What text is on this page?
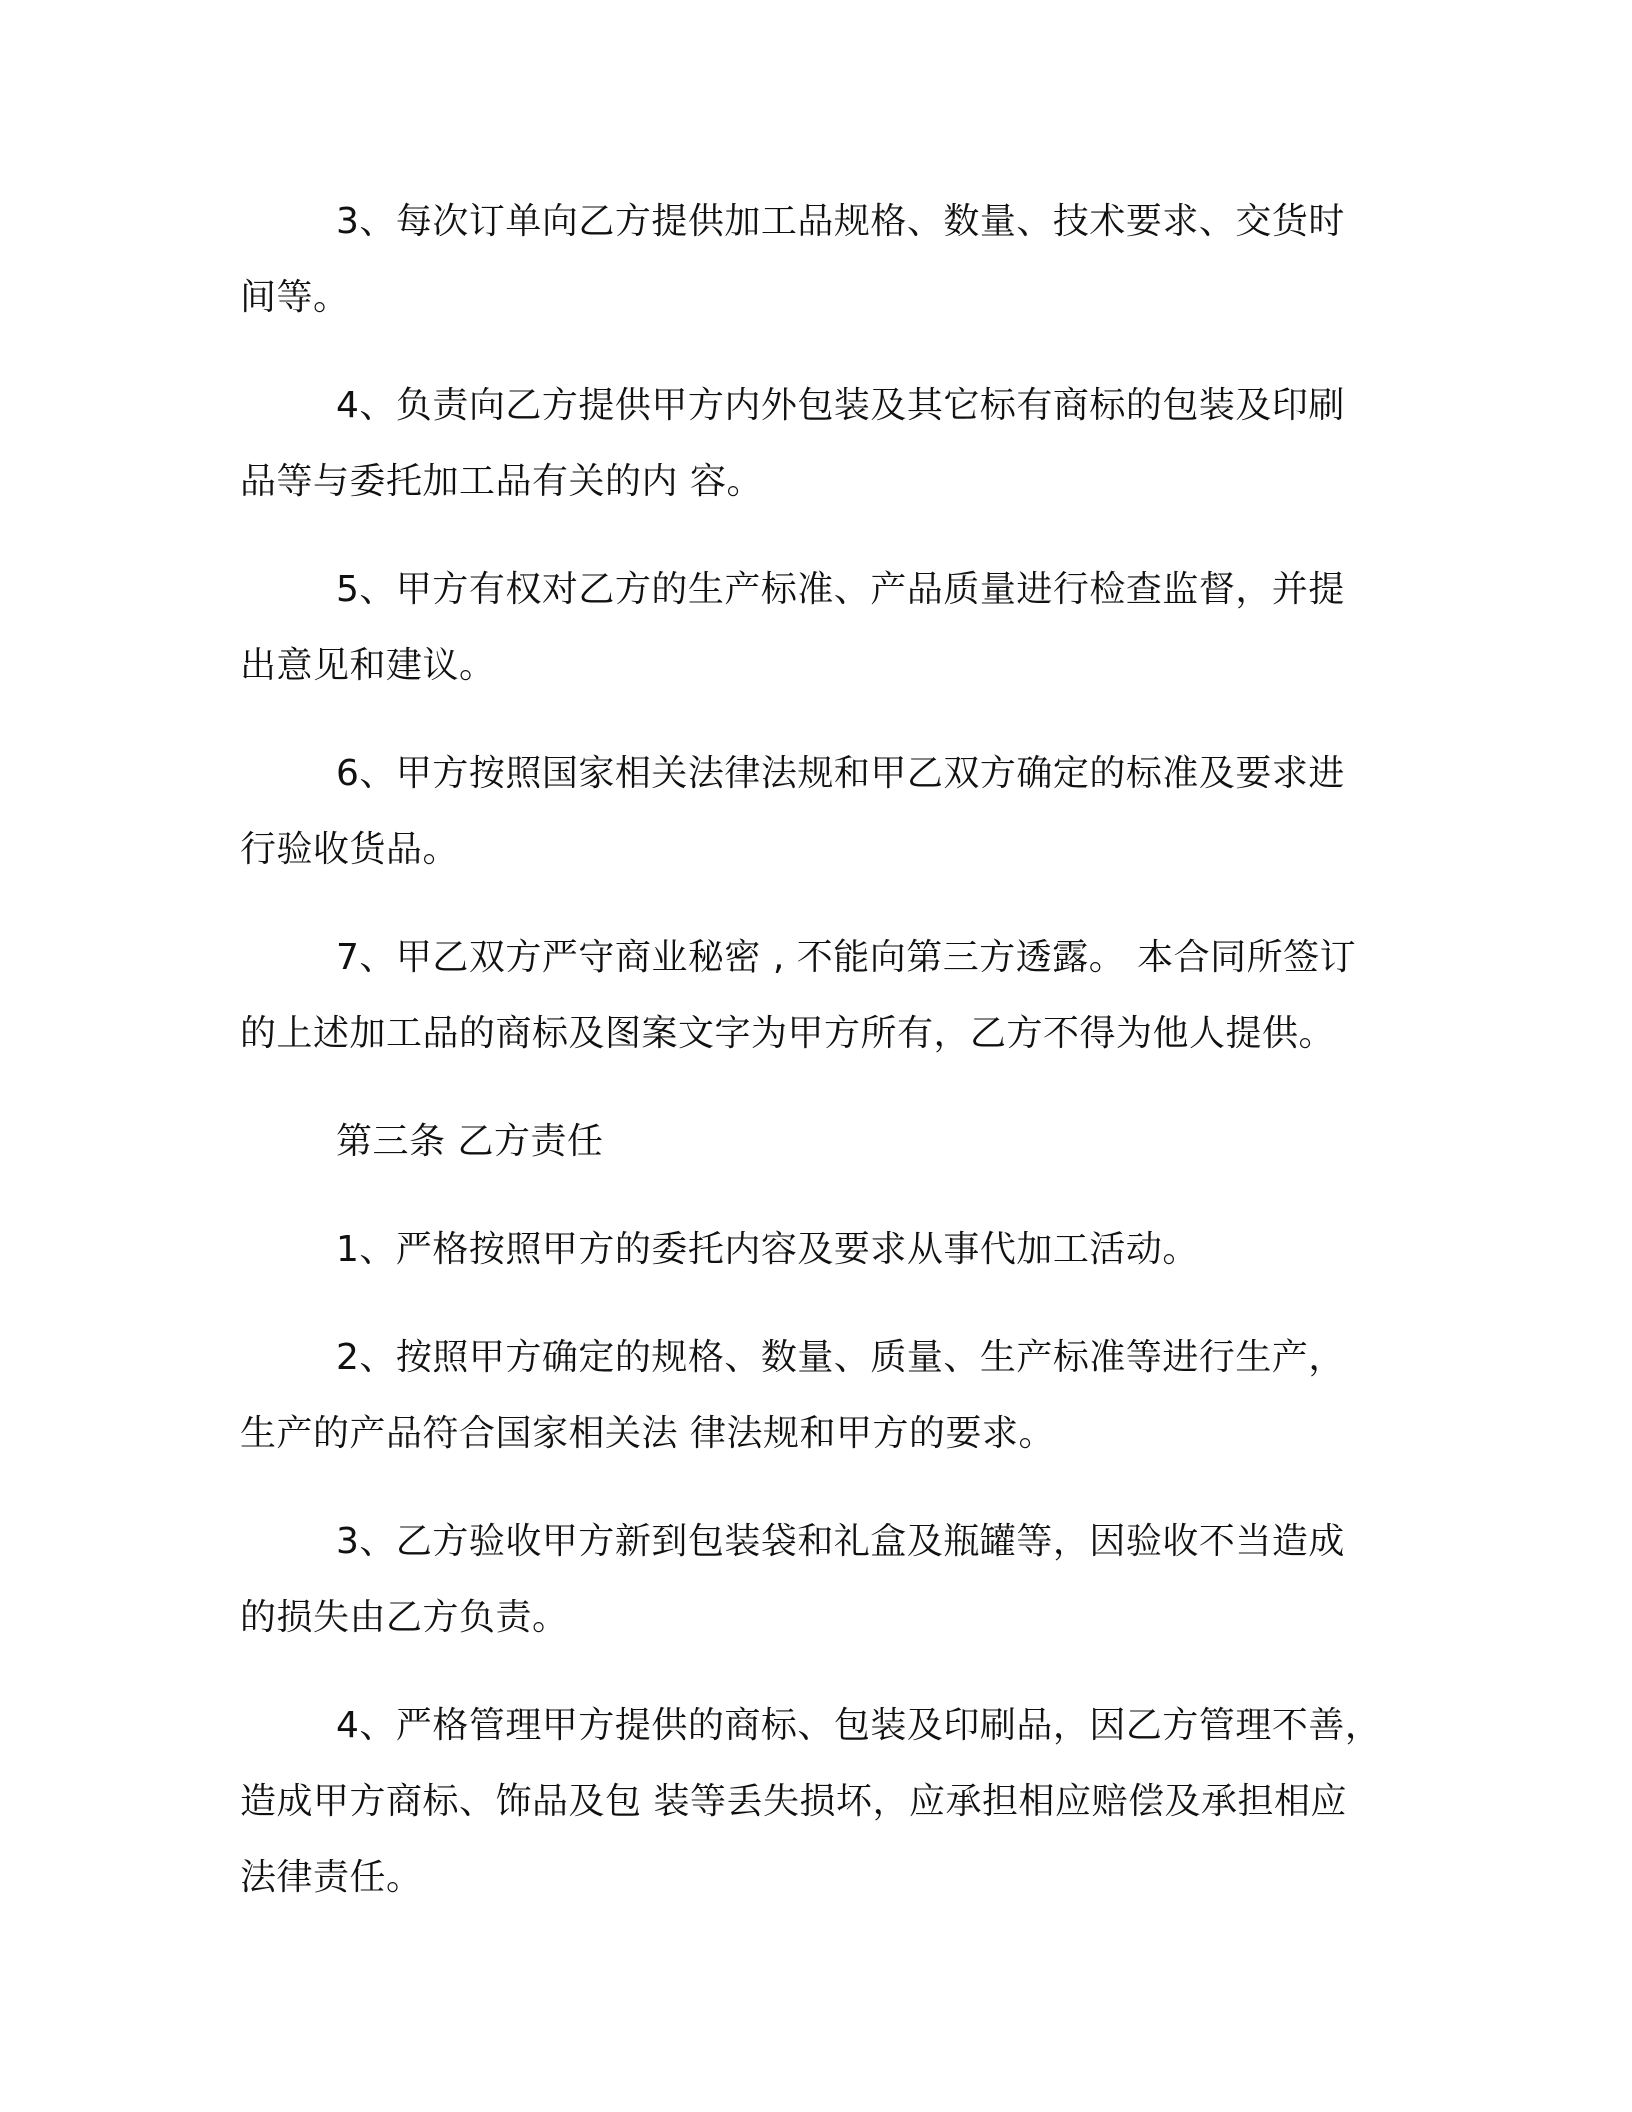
3、每次订单向乙方提供加工品规格、数量、技术要求、交货时
间等。

4、负责向乙方提供甲方内外包装及其它标有商标的包装及印刷
品等与委托加工品有关的内 容。

5、甲方有权对乙方的生产标准、产品质量进行检查监督，并提
出意见和建议。

6、甲方按照国家相关法律法规和甲乙双方确定的标准及要求进
行验收货品。

7、甲乙双方严守商业秘密 , 不能向第三方透露。 本合同所签订
的上述加工品的商标及图案文字为甲方所有，乙方不得为他人提供。

第三条 乙方责任

1、严格按照甲方的委托内容及要求从事代加工活动。

2、按照甲方确定的规格、数量、质量、生产标准等进行生产，
生产的产品符合国家相关法 律法规和甲方的要求。

3、乙方验收甲方新到包装袋和礼盒及瓶罐等，因验收不当造成
的损失由乙方负责。

4、严格管理甲方提供的商标、包装及印刷品，因乙方管理不善，
造成甲方商标、饰品及包 装等丢失损坏，应承担相应赔偿及承担相应
法律责任。
